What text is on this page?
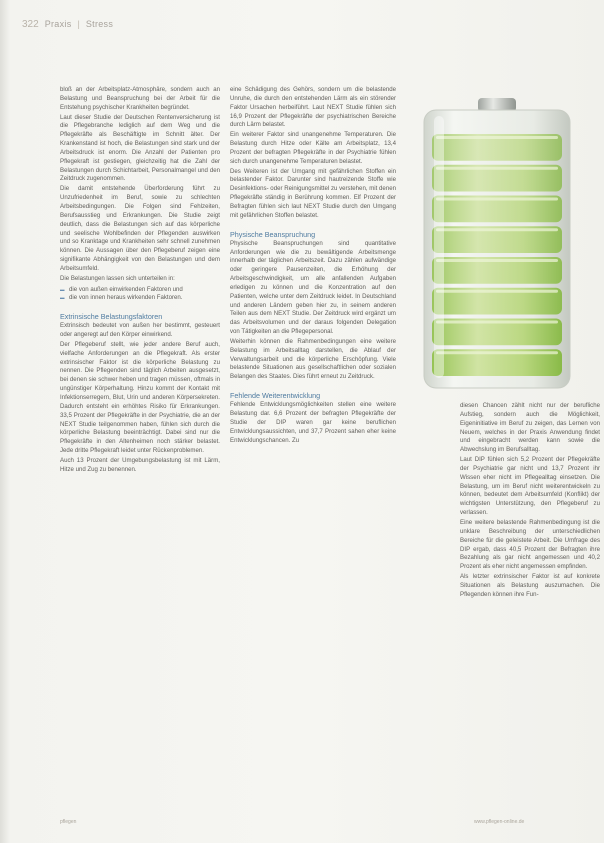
322 Praxis | Stress

bloß an der Arbeitsplatz-Atmosphäre, sondern auch an Belastung und Beanspruchung bei der Arbeit für die Entstehung psychischer Krankheiten begründet.

Laut dieser Studie der Deutschen Rentenversicherung ist die Pflegebranche lediglich auf dem Weg und die Pflegekräfte als Beschäftigte im Schnitt älter. Der Krankenstand ist hoch, die Belastungen sind stark und der Arbeitsdruck ist enorm. Die Anzahl der Patienten pro Pflegekraft ist gestiegen, gleichzeitig hat die Zahl der Belastungen durch Schichtarbeit, Personalmangel und den Zeitdruck zugenommen.

Die damit entstehende Überforderung führt zu Unzufriedenheit im Beruf, sowie zu schlechten Arbeitsbedingungen. Die Folgen sind Fehlzeiten, Berufsausstieg und Erkrankungen. Die Studie zeigt deutlich, dass die Belastungen sich auf das körperliche und seelische Wohlbefinden der Pflegenden auswirken und so Kranktage und Krankheiten sehr schnell zunehmen können. Die Aussagen über den Pflegeberuf zeigen eine signifikante Abhängigkeit von den Belastungen und dem Arbeitsumfeld.

Die Belastungen lassen sich unterteilen in:

▬ die von außen einwirkenden Faktoren und
▬ die von innen heraus wirkenden Faktoren.
Extrinsische Belastungsfaktoren

Extrinsisch bedeutet von außen her bestimmt, gesteuert oder angeregt auf den Körper einwirkend.

Der Pflegeberuf stellt, wie jeder andere Beruf auch, vielfache Anforderungen an die Pflegekraft. Als erster extrinsischer Faktor ist die körperliche Belastung zu nennen. Die Pflegenden sind täglich Arbeiten ausgesetzt, bei denen sie schwer heben und tragen müssen, oftmals in ungünstiger Körperhaltung. Hinzu kommt der Kontakt mit Infektionserregern, Blut, Urin und anderen Körpersekreten. Dadurch entsteht ein erhöhtes Risiko für Erkrankungen. 33,5 Prozent der Pflegekräfte in der Psychiatrie, die an der NEXT Studie teilgenommen haben, fühlen sich durch die körperliche Belastung beeinträchtigt. Dabei sind nur die Pflegekräfte in den Altenheimen noch stärker belastet. Jede dritte Pflegekraft leidet unter Rückenproblemen.

Auch 13 Prozent der Umgebungsbelastung ist mit Lärm, Hitze und Zug zu benennen.

eine Schädigung des Gehörs, sondern um die belastende Unruhe, die durch den entstehenden Lärm als ein störender Faktor Ursachen herbeiführt. Laut NEXT Studie fühlen sich 16,9 Prozent der Pflegekräfte der psychiatrischen Bereiche durch Lärm belastet.

Ein weiterer Faktor sind unangenehme Temperaturen. Die Belastung durch Hitze oder Kälte am Arbeitsplatz, 13,4 Prozent der befragten Pflegekräfte in der Psychiatrie fühlen sich durch unangenehme Temperaturen belastet.

Des Weiteren ist der Umgang mit gefährlichen Stoffen ein belastender Faktor. Darunter sind hautreizende Stoffe wie Desinfektions- oder Reinigungsmittel zu verstehen, mit denen Pflegekräfte ständig in Berührung kommen. Elf Prozent der Befragten fühlen sich laut NEXT Studie durch den Umgang mit gefährlichen Stoffen belastet.

Physische Beanspruchung

Physische Beanspruchungen sind quantitative Anforderungen wie die zu bewältigende Arbeitsmenge innerhalb der täglichen Arbeitszeit. Dazu zählen aufwändige oder geringere Pausenzeiten, die Erhöhung der Arbeitsgeschwindigkeit, um alle anfallenden Aufgaben erledigen zu können und die Konzentration auf den Patienten, welche unter dem Zeitdruck leidet. In Deutschland und anderen Ländern geben hier zu, in seinem anderen Teilen aus dem NEXT Studie. Der Zeitdruck wird ergänzt um das Arbeitsvolumen und der daraus folgenden Delegation von Tätigkeiten an die Pflegepersonal.

Weiterhin können die Rahmenbedingungen eine weitere Belastung im Arbeitsalltag darstellen, die Ablauf der Verwaltungsarbeit und die körperliche Erschöpfung. Viele belastende Situationen aus gesellschaftlichen oder sozialen Belangen des Staates. Dies führt erneut zu Zeitdruck.

Fehlende Weiterentwicklung

Fehlende Entwicklungsmöglichkeiten stellen eine weitere Belastung dar. 6,6 Prozent der befragten Pflegekräfte der Studie der DIP waren gar keine beruflichen Entwicklungsaussichten, und 37,7 Prozent sahen eher keine Entwicklungschancen. Zu

diesen Chancen zählt nicht nur der berufliche Aufstieg, sondern auch die Möglichkeit, Eigeninitiative im Beruf zu zeigen, das Lernen von Neuem, welches in der Praxis Anwendung findet und eingebracht werden kann sowie die Abwechslung im Berufsalltag.

Laut DIP fühlen sich 5,2 Prozent der Pflegekräfte der Psychiatrie gar nicht und 13,7 Prozent ihr Wissen eher nicht im Pflegealltag einsetzen. Die Belastung, um im Beruf nicht weiterentwickeln zu können, bedeutet dem Arbeitsumfeld (Konflikt) der wichtigsten Unterstützung, den Pflegeberuf zu verlassen.

Eine weitere belastende Rahmenbedingung ist die unklare Beschreibung der unterschiedlichen Bereiche für die geleistete Arbeit. Die Umfrage des DIP ergab, dass 40,5 Prozent der Befragten ihre Bezahlung als gar nicht angemessen und 40,2 Prozent als eher nicht angemessen empfinden.

Als letzter extrinsischer Faktor ist auf konkrete Situationen als Belastung auszumachen. Die Pflegenden können ihre Fun-

pflegen	www.pflegen-online.de
